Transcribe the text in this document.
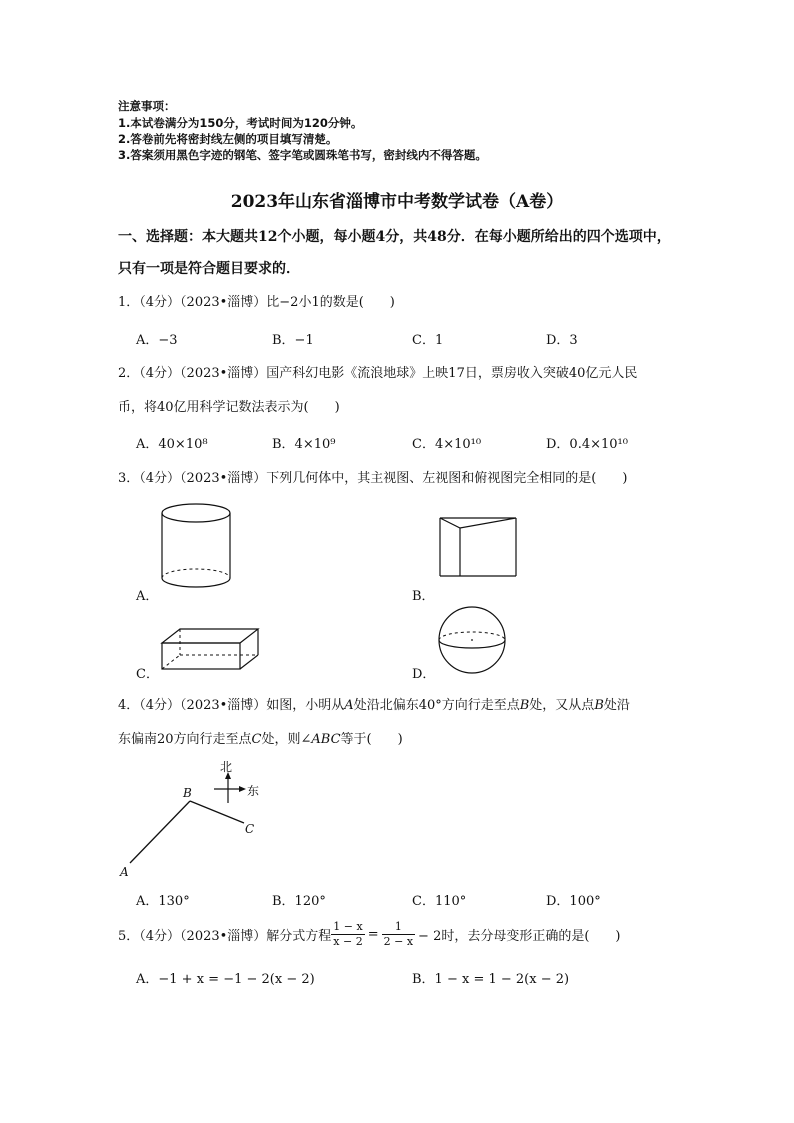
注意事项：
1.本试卷满分为150分，考试时间为120分钟。
2.答卷前先将密封线左侧的项目填写清楚。
3.答案须用黑色字迹的钢笔、签字笔或圆珠笔书写，密封线内不得答题。
2023年山东省淄博市中考数学试卷（A卷）
一、选择题：本大题共12个小题，每小题4分，共48分．在每小题所给出的四个选项中，
只有一项是符合题目要求的．
1．（4分）（2023•淄博）比−2小1的数是(　　)
A．−3	B．−1	C．1	D．3
2．（4分）（2023•淄博）国产科幻电影《流浪地球》上映17日，票房收入突破40亿元人民
币，将40亿用科学记数法表示为(　　)
A．40×10⁸	B．4×10⁹	C．4×10¹⁰	D．0.4×10¹⁰
3．（4分）（2023•淄博）下列几何体中，其主视图、左视图和俯视图完全相同的是(　　)
A．	B．
C．	D．
4．（4分）（2023•淄博）如图，小明从A处沿北偏东40°方向行走至点B处，又从点B处沿
东偏南20方向行走至点C处，则∠ABC等于(　　)
北
东
B
C
A
A．130°	B．120°	C．110°	D．100°
5．（4分）（2023•淄博）解分式方程 $\frac{1 - x}{x - 2} = \frac{1}{2 - x} - 2$时，去分母变形正确的是(　　)
A．−1 + x = −1 − 2(x − 2)	B．1 − x = 1 − 2(x − 2)
